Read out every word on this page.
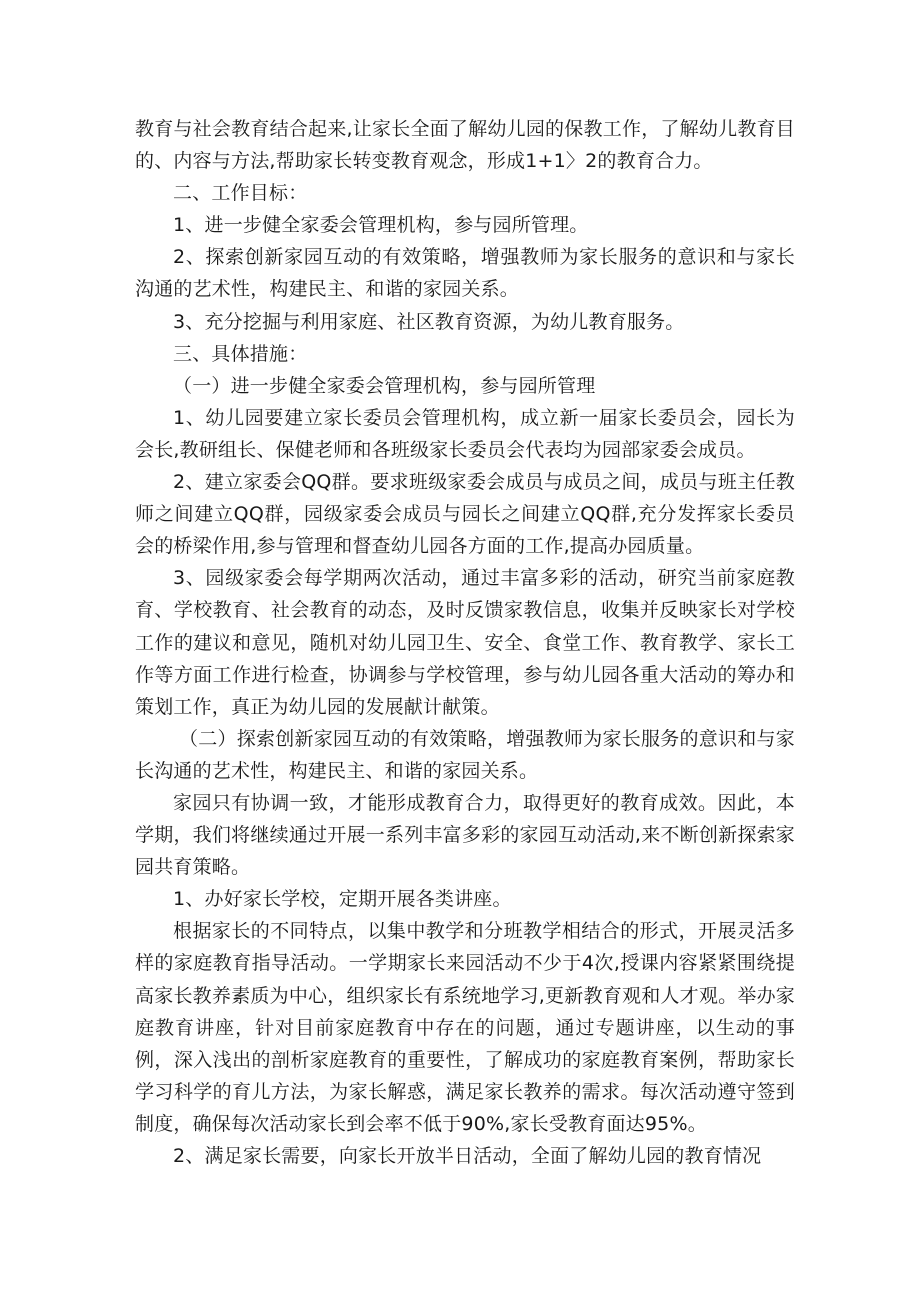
教育与社会教育结合起来,让家长全面了解幼儿园的保教工作，了解幼儿教育目的、内容与方法,帮助家长转变教育观念，形成1+1〉2的教育合力。

二、工作目标：

1、进一步健全家委会管理机构，参与园所管理。

2、探索创新家园互动的有效策略，增强教师为家长服务的意识和与家长沟通的艺术性，构建民主、和谐的家园关系。

3、充分挖掘与利用家庭、社区教育资源，为幼儿教育服务。

三、具体措施：

（一）进一步健全家委会管理机构，参与园所管理

1、幼儿园要建立家长委员会管理机构，成立新一届家长委员会，园长为会长,教研组长、保健老师和各班级家长委员会代表均为园部家委会成员。

2、建立家委会QQ群。要求班级家委会成员与成员之间，成员与班主任教师之间建立QQ群，园级家委会成员与园长之间建立QQ群,充分发挥家长委员会的桥梁作用,参与管理和督查幼儿园各方面的工作,提高办园质量。

3、园级家委会每学期两次活动，通过丰富多彩的活动，研究当前家庭教育、学校教育、社会教育的动态，及时反馈家教信息，收集并反映家长对学校工作的建议和意见，随机对幼儿园卫生、安全、食堂工作、教育教学、家长工作等方面工作进行检查，协调参与学校管理，参与幼儿园各重大活动的筹办和策划工作，真正为幼儿园的发展献计献策。

（二）探索创新家园互动的有效策略，增强教师为家长服务的意识和与家长沟通的艺术性，构建民主、和谐的家园关系。

家园只有协调一致，才能形成教育合力，取得更好的教育成效。因此，本学期，我们将继续通过开展一系列丰富多彩的家园互动活动,来不断创新探索家园共育策略。

1、办好家长学校，定期开展各类讲座。

根据家长的不同特点，以集中教学和分班教学相结合的形式，开展灵活多样的家庭教育指导活动。一学期家长来园活动不少于4次,授课内容紧紧围绕提高家长教养素质为中心，组织家长有系统地学习,更新教育观和人才观。举办家庭教育讲座，针对目前家庭教育中存在的问题，通过专题讲座，以生动的事例，深入浅出的剖析家庭教育的重要性，了解成功的家庭教育案例，帮助家长学习科学的育儿方法，为家长解惑，满足家长教养的需求。每次活动遵守签到制度，确保每次活动家长到会率不低于90%,家长受教育面达95%。

2、满足家长需要，向家长开放半日活动，全面了解幼儿园的教育情况
